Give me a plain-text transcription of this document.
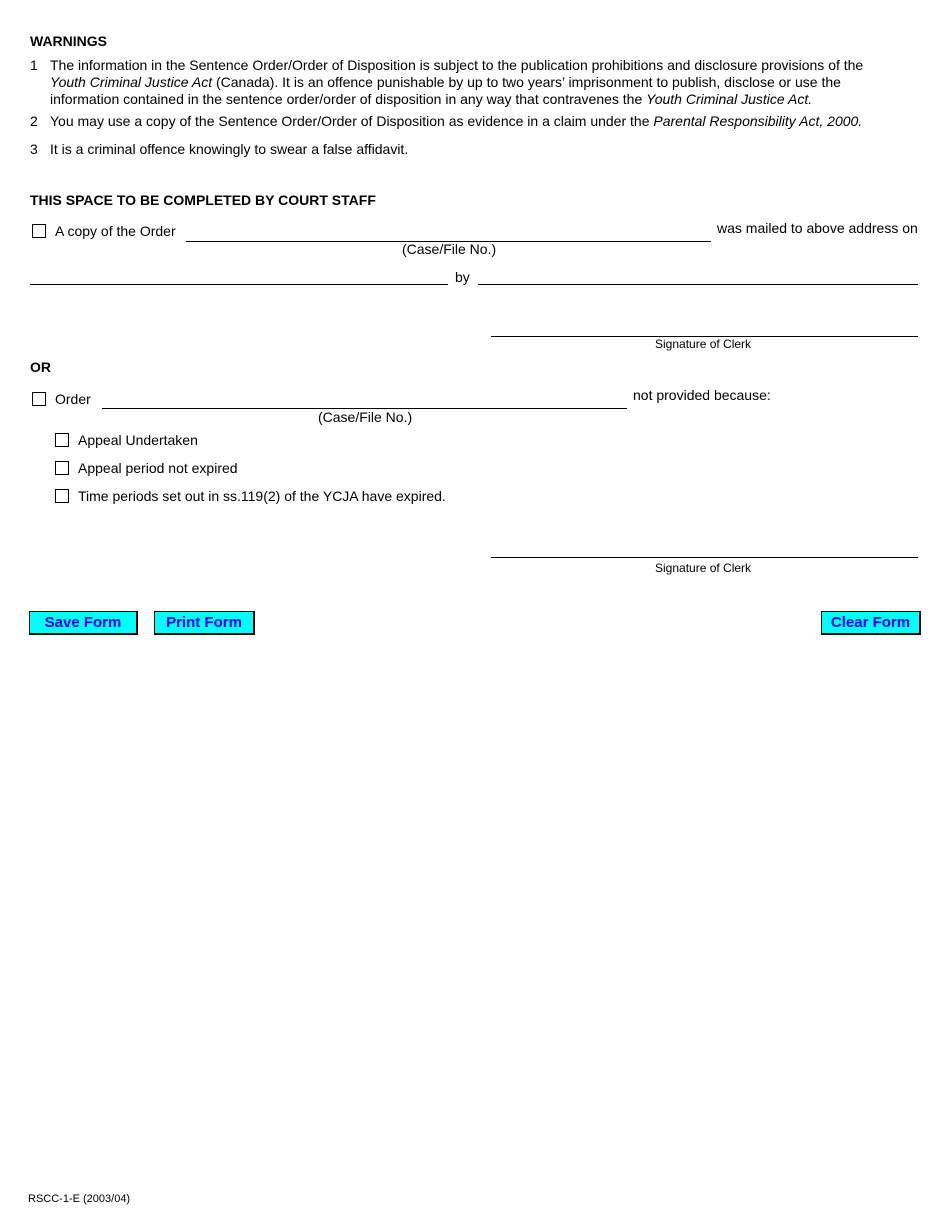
WARNINGS
1 The information in the Sentence Order/Order of Disposition is subject to the publication prohibitions and disclosure provisions of the Youth Criminal Justice Act (Canada). It is an offence punishable by up to two years’ imprisonment to publish, disclose or use the information contained in the sentence order/order of disposition in any way that contravenes the Youth Criminal Justice Act.
2 You may use a copy of the Sentence Order/Order of Disposition as evidence in a claim under the Parental Responsibility Act, 2000.
3 It is a criminal offence knowingly to swear a false affidavit.
THIS SPACE TO BE COMPLETED BY COURT STAFF
A copy of the Order	was mailed to above address on
(Case/File No.)
by
Signature of Clerk
OR
Order	not provided because:
(Case/File No.)
Appeal Undertaken
Appeal period not expired
Time periods set out in ss.119(2) of the YCJA have expired.
Signature of Clerk
Save Form	Print Form	Clear Form
RSCC-1-E (2003/04)
